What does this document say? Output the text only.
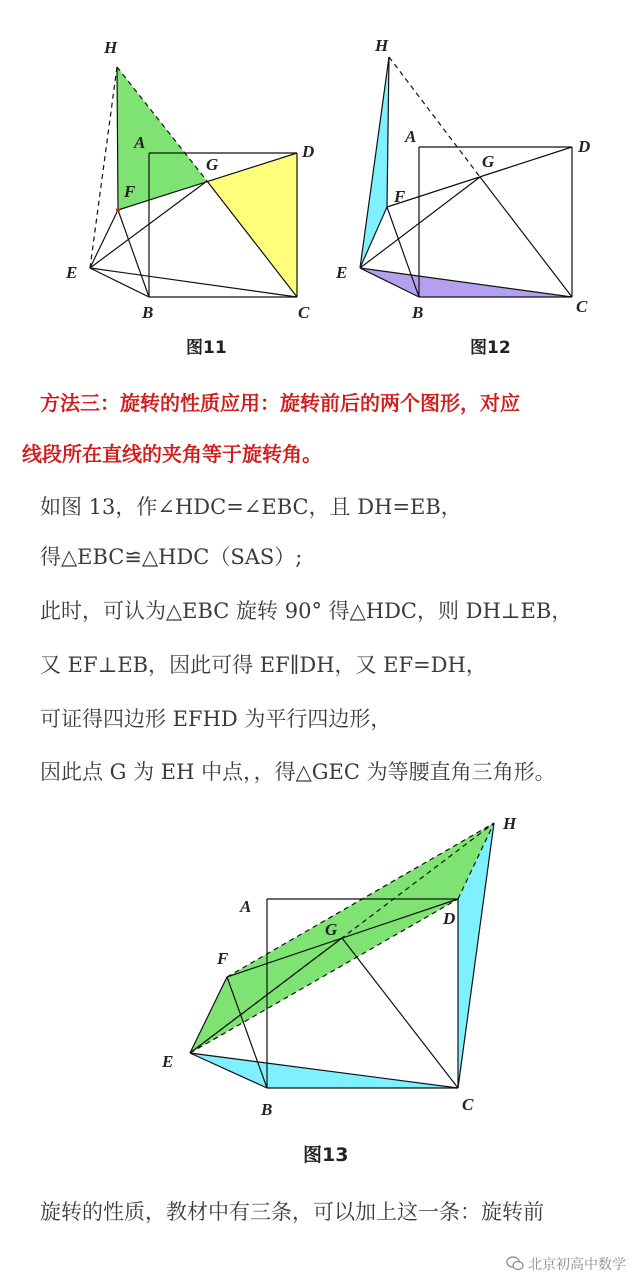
H
A
G
D
F
E
B	C
图11
H
A
G
D
F
E
B	C
图12
方法三：旋转的性质应用：旋转前后的两个图形，对应
线段所在直线的夹角等于旋转角。
如图 13，作∠HDC=∠EBC，且 DH=EB，
得△EBC≌△HDC（SAS）;
此时，可认为△EBC 旋转 90° 得△HDC，则 DH⊥EB，
又 EF⊥EB，因此可得 EF∥DH，又 EF=DH，
可证得四边形 EFHD 为平行四边形，
因此点 G 为 EH 中点，，得△GEC 为等腰直角三角形。
H
A
G
D
F
E
B	C
图13
旋转的性质，教材中有三条，可以加上这一条：旋转前
北京初高中数学
